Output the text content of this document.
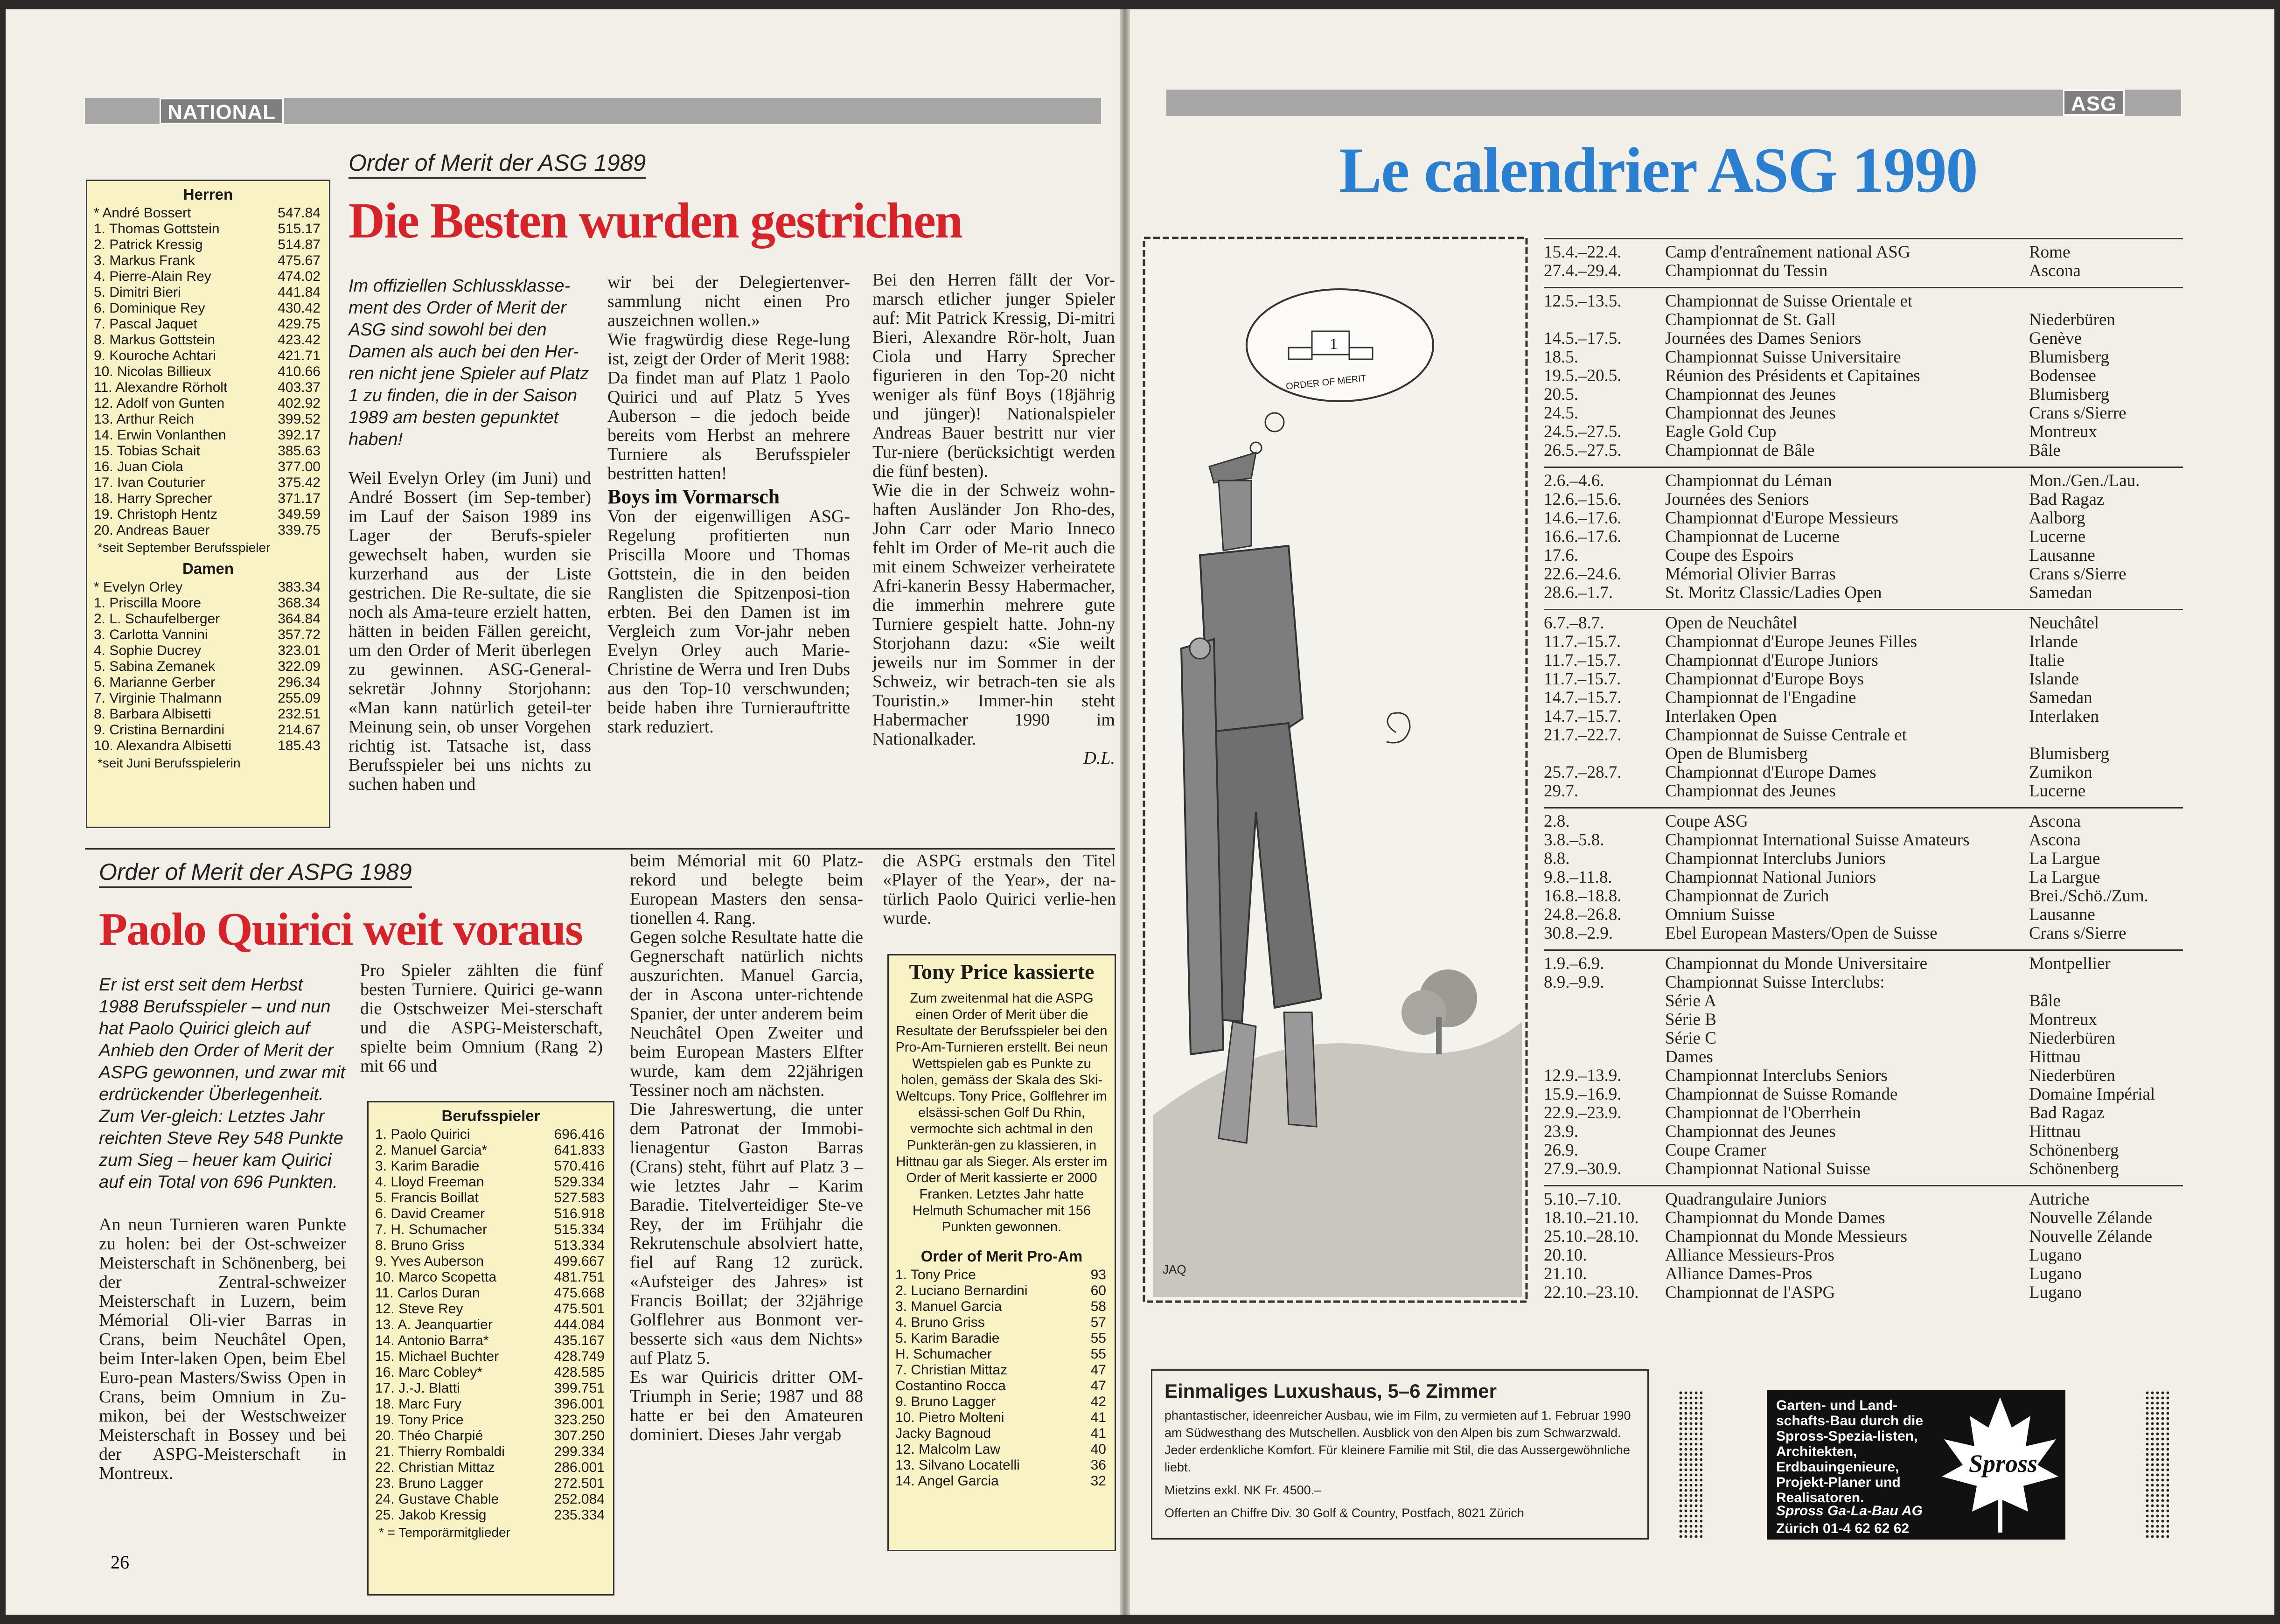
NATIONAL
Herren
* André Bossert	547.84
1. Thomas Gottstein	515.17
2. Patrick Kressig	514.87
3. Markus Frank	475.67
4. Pierre-Alain Rey	474.02
5. Dimitri Bieri	441.84
6. Dominique Rey	430.42
7. Pascal Jaquet	429.75
8. Markus Gottstein	423.42
9. Kouroche Achtari	421.71
10. Nicolas Billieux	410.66
11. Alexandre Rörholt	403.37
12. Adolf von Gunten	402.92
13. Arthur Reich	399.52
14. Erwin Vonlanthen	392.17
15. Tobias Schait	385.63
16. Juan Ciola	377.00
17. Ivan Couturier	375.42
18. Harry Sprecher	371.17
19. Christoph Hentz	349.59
20. Andreas Bauer	339.75
*seit September Berufsspieler
Damen
* Evelyn Orley	383.34
1. Priscilla Moore	368.34
2. L. Schaufelberger	364.84
3. Carlotta Vannini	357.72
4. Sophie Ducrey	323.01
5. Sabina Zemanek	322.09
6. Marianne Gerber	296.34
7. Virginie Thalmann	255.09
8. Barbara Albisetti	232.51
9. Cristina Bernardini	214.67
10. Alexandra Albisetti	185.43
*seit Juni Berufsspielerin
Order of Merit der ASG 1989
Die Besten wurden gestrichen
Im offiziellen Schlussklasse-ment des Order of Merit der ASG sind sowohl bei den Damen als auch bei den Her-ren nicht jene Spieler auf Platz 1 zu finden, die in der Saison 1989 am besten gepunktet haben!

Weil Evelyn Orley (im Juni) und André Bossert (im Sep-tember) im Lauf der Saison 1989 ins Lager der Berufs-spieler gewechselt haben, wurden sie kurzerhand aus der Liste gestrichen. Die Re-sultate, die sie noch als Ama-teure erzielt hatten, hätten in beiden Fällen gereicht, um den Order of Merit überlegen zu gewinnen. ASG-General-sekretär Johnny Storjohann: «Man kann natürlich geteil-ter Meinung sein, ob unser Vorgehen richtig ist. Tatsache ist, dass Berufsspieler bei uns nichts zu suchen haben und

wir bei der Delegiertenver-sammlung nicht einen Pro auszeichnen wollen.»

Wie fragwürdig diese Rege-lung ist, zeigt der Order of Merit 1988: Da findet man auf Platz 1 Paolo Quirici und auf Platz 5 Yves Auberson – die jedoch beide bereits vom Herbst an mehrere Turniere als Berufsspieler bestritten hatten!

Boys im Vormarsch

Von der eigenwilligen ASG-Regelung profitierten nun Priscilla Moore und Thomas Gottstein, die in den beiden Ranglisten die Spitzenposi-tion erbten. Bei den Damen ist im Vergleich zum Vor-jahr neben Evelyn Orley auch Marie-Christine de Werra und Iren Dubs aus den Top-10 verschwunden; beide haben ihre Turnierauftritte stark reduziert.

Bei den Herren fällt der Vor-marsch etlicher junger Spieler auf: Mit Patrick Kressig, Di-mitri Bieri, Alexandre Rör-holt, Juan Ciola und Harry Sprecher figurieren in den Top-20 nicht weniger als fünf Boys (18jährig und jünger)! Nationalspieler Andreas Bauer bestritt nur vier Tur-niere (berücksichtigt werden die fünf besten).

Wie die in der Schweiz wohn-haften Ausländer Jon Rho-des, John Carr oder Mario Inneco fehlt im Order of Me-rit auch die mit einem Schweizer verheiratete Afri-kanerin Bessy Habermacher, die immerhin mehrere gute Turniere gespielt hatte. John-ny Storjohann dazu: «Sie weilt jeweils nur im Sommer in der Schweiz, wir betrach-ten sie als Touristin.» Immer-hin steht Habermacher 1990 im Nationalkader.

D.L.
Order of Merit der ASPG 1989
Paolo Quirici weit voraus
Er ist erst seit dem Herbst 1988 Berufsspieler – und nun hat Paolo Quirici gleich auf Anhieb den Order of Merit der ASPG gewonnen, und zwar mit erdrückender Überlegenheit. Zum Ver-gleich: Letztes Jahr reichten Steve Rey 548 Punkte zum Sieg – heuer kam Quirici auf ein Total von 696 Punkten.
An neun Turnieren waren Punkte zu holen: bei der Ost-schweizer Meisterschaft in Schönenberg, bei der Zentral-schweizer Meisterschaft in Luzern, beim Mémorial Oli-vier Barras in Crans, beim Neuchâtel Open, beim Inter-laken Open, beim Ebel Euro-pean Masters/Swiss Open in Crans, beim Omnium in Zu-mikon, bei der Westschweizer Meisterschaft in Bossey und bei der ASPG-Meisterschaft in Montreux.
Pro Spieler zählten die fünf besten Turniere. Quirici ge-wann die Ostschweizer Mei-sterschaft und die ASPG-Meisterschaft, spielte beim Omnium (Rang 2) mit 66 und
Berufsspieler
1. Paolo Quirici	696.416
2. Manuel Garcia*	641.833
3. Karim Baradie	570.416
4. Lloyd Freeman	529.334
5. Francis Boillat	527.583
6. David Creamer	516.918
7. H. Schumacher	515.334
8. Bruno Griss	513.334
9. Yves Auberson	499.667
10. Marco Scopetta	481.751
11. Carlos Duran	475.668
12. Steve Rey	475.501
13. A. Jeanquartier	444.084
14. Antonio Barra*	435.167
15. Michael Buchter	428.749
16. Marc Cobley*	428.585
17. J.-J. Blatti	399.751
18. Marc Fury	396.001
19. Tony Price	323.250
20. Théo Charpié	307.250
21. Thierry Rombaldi	299.334
22. Christian Mittaz	286.001
23. Bruno Lagger	272.501
24. Gustave Chable	252.084
25. Jakob Kressig	235.334
* = Temporärmitglieder

beim Mémorial mit 60 Platz-rekord und belegte beim European Masters den sensa-tionellen 4. Rang.

Gegen solche Resultate hatte die Gegnerschaft natürlich nichts auszurichten. Manuel Garcia, der in Ascona unter-richtende Spanier, der unter anderem beim Neuchâtel Open Zweiter und beim European Masters Elfter wurde, kam dem 22jährigen Tessiner noch am nächsten.

Die Jahreswertung, die unter dem Patronat der Immobi-lienagentur Gaston Barras (Crans) steht, führt auf Platz 3 – wie letztes Jahr – Karim Baradie. Titelverteidiger Ste-ve Rey, der im Frühjahr die Rekrutenschule absolviert hatte, fiel auf Rang 12 zurück. «Aufsteiger des Jahres» ist Francis Boillat; der 32jährige Golflehrer aus Bonmont ver-besserte sich «aus dem Nichts» auf Platz 5.

Es war Quiricis dritter OM-Triumph in Serie; 1987 und 88 hatte er bei den Amateuren dominiert. Dieses Jahr vergab

die ASPG erstmals den Titel «Player of the Year», der na-türlich Paolo Quirici verlie-hen wurde.
Tony Price kassierte
Zum zweitenmal hat die ASPG einen Order of Merit über die Resultate der Berufsspieler bei den Pro-Am-Turnieren erstellt. Bei neun Wettspielen gab es Punkte zu holen, gemäss der Skala des Ski-Weltcups. Tony Price, Golflehrer im elsässi-schen Golf Du Rhin, vermochte sich achtmal in den Punkterän-gen zu klassieren, in Hittnau gar als Sieger. Als erster im Order of Merit kassierte er 2000 Franken. Letztes Jahr hatte Helmuth Schumacher mit 156 Punkten gewonnen.
Order of Merit Pro-Am
1. Tony Price	93
2. Luciano Bernardini	60
3. Manuel Garcia	58
4. Bruno Griss	57
5. Karim Baradie	55
H. Schumacher	55
7. Christian Mittaz	47
Costantino Rocca	47
9. Bruno Lagger	42
10. Pietro Molteni	41
Jacky Bagnoud	41
12. Malcolm Law	40
13. Silvano Locatelli	36
14. Angel Garcia	32
26
ASG
Le calendrier ASG 1990
1
ORDER OF MERIT
JAQ
15.4.–22.4.	Camp d'entraînement national ASG	Rome
27.4.–29.4.	Championnat du Tessin	Ascona
12.5.–13.5.	Championnat de Suisse Orientale et
Championnat de St. Gall	Niederbüren
14.5.–17.5.	Journées des Dames Seniors	Genève
18.5.	Championnat Suisse Universitaire	Blumisberg
19.5.–20.5.	Réunion des Présidents et Capitaines	Bodensee
20.5.	Championnat des Jeunes	Blumisberg
24.5.	Championnat des Jeunes	Crans s/Sierre
24.5.–27.5.	Eagle Gold Cup	Montreux
26.5.–27.5.	Championnat de Bâle	Bâle
2.6.–4.6.	Championnat du Léman	Mon./Gen./Lau.
12.6.–15.6.	Journées des Seniors	Bad Ragaz
14.6.–17.6.	Championnat d'Europe Messieurs	Aalborg
16.6.–17.6.	Championnat de Lucerne	Lucerne
17.6.	Coupe des Espoirs	Lausanne
22.6.–24.6.	Mémorial Olivier Barras	Crans s/Sierre
28.6.–1.7.	St. Moritz Classic/Ladies Open	Samedan
6.7.–8.7.	Open de Neuchâtel	Neuchâtel
11.7.–15.7.	Championnat d'Europe Jeunes Filles	Irlande
11.7.–15.7.	Championnat d'Europe Juniors	Italie
11.7.–15.7.	Championnat d'Europe Boys	Islande
14.7.–15.7.	Championnat de l'Engadine	Samedan
14.7.–15.7.	Interlaken Open	Interlaken
21.7.–22.7.	Championnat de Suisse Centrale et
Open de Blumisberg	Blumisberg
25.7.–28.7.	Championnat d'Europe Dames	Zumikon
29.7.	Championnat des Jeunes	Lucerne
2.8.	Coupe ASG	Ascona
3.8.–5.8.	Championnat International Suisse Amateurs	Ascona
8.8.	Championnat Interclubs Juniors	La Largue
9.8.–11.8.	Championnat National Juniors	La Largue
16.8.–18.8.	Championnat de Zurich	Brei./Schö./Zum.
24.8.–26.8.	Omnium Suisse	Lausanne
30.8.–2.9.	Ebel European Masters/Open de Suisse	Crans s/Sierre
1.9.–6.9.	Championnat du Monde Universitaire	Montpellier
8.9.–9.9.	Championnat Suisse Interclubs:
Série A	Bâle
Série B	Montreux
Série C	Niederbüren
Dames	Hittnau
12.9.–13.9.	Championnat Interclubs Seniors	Niederbüren
15.9.–16.9.	Championnat de Suisse Romande	Domaine Impérial
22.9.–23.9.	Championnat de l'Oberrhein	Bad Ragaz
23.9.	Championnat des Jeunes	Hittnau
26.9.	Coupe Cramer	Schönenberg
27.9.–30.9.	Championnat National Suisse	Schönenberg
5.10.–7.10.	Quadrangulaire Juniors	Autriche
18.10.–21.10.	Championnat du Monde Dames	Nouvelle Zélande
25.10.–28.10.	Championnat du Monde Messieurs	Nouvelle Zélande
20.10.	Alliance Messieurs-Pros	Lugano
21.10.	Alliance Dames-Pros	Lugano
22.10.–23.10.	Championnat de l'ASPG	Lugano
Einmaliges Luxushaus, 5–6 Zimmer
phantastischer, ideenreicher Ausbau, wie im Film, zu vermieten auf 1. Februar 1990 am Südwesthang des Mutschellen. Ausblick von den Alpen bis zum Schwarzwald. Jeder erdenkliche Komfort. Für kleinere Familie mit Stil, die das Aussergewöhnliche liebt.
Mietzins exkl. NK Fr. 4500.–
Offerten an Chiffre Div. 30 Golf & Country, Postfach, 8021 Zürich
Garten- und Land-schafts-Bau durch die Spross-Spezia-listen, Architekten, Erdbauingenieure, Projekt-Planer und Realisatoren.
Spross Ga-La-Bau AG
Zürich 01-4 62 62 62
Spross
